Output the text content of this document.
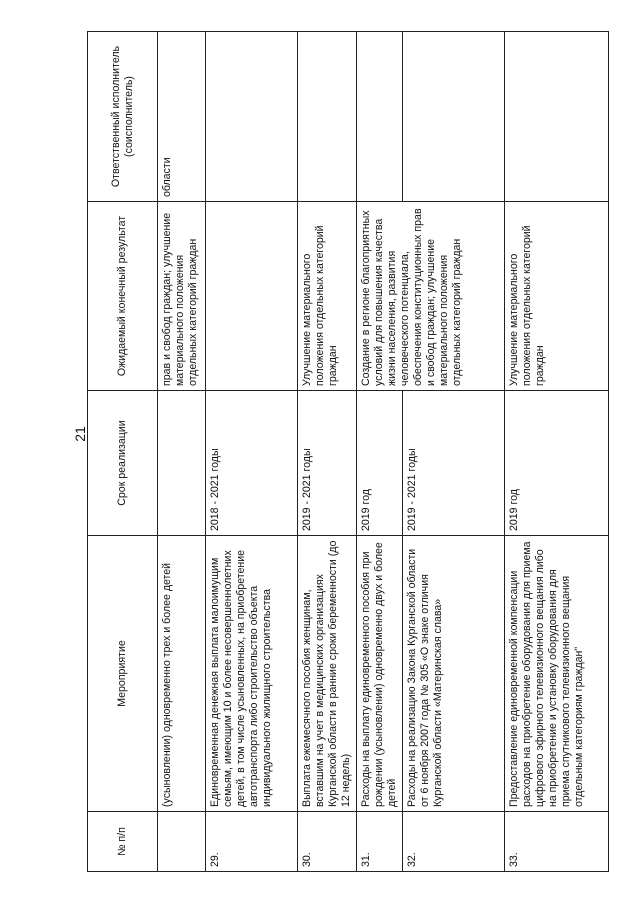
21
№ п/п	Мероприятие	Срок реализации	Ожидаемый конечный результат	Ответственный исполнитель (соисполнитель)
	(усыновлении) одновременно трех и более детей		прав и свобод граждан; улучшение материального положения отдельных категорий граждан	области
29.	Единовременная денежная выплата малоимущим семьям, имеющим 10 и более несовершеннолетних детей, в том числе усыновленных, на приобретение автотранспорта либо строительство объекта индивидуального жилищного строительства	2018 - 2021 годы		
30.	Выплата ежемесячного пособия женщинам, вставшим на учет в медицинских организациях Курганской области в ранние сроки беременности (до 12 недель)	2019 - 2021 годы	Улучшение материального положения отдельных категорий граждан	
31.	Расходы на выплату единовременного пособия при рождении (усыновлении) одновременно двух и более детей	2019 год	Создание в регионе благоприятных условий для повышения качества жизни населения, развития человеческого потенциала, обеспечения конституционных прав и свобод граждан; улучшение материального положения отдельных категорий граждан	
32.	Расходы на реализацию Закона Курганской области от 6 ноября 2007 года № 305 «О знаке отличия Курганской области «Материнская слава»	2019 - 2021 годы		
33.	Предоставление единовременной компенсации расходов на приобретение оборудования для приема цифрового эфирного телевизионного вещания либо на приобретение и установку оборудования для приема спутникового телевизионного вещания отдельным категориям граждан"	2019 год	Улучшение материального положения отдельных категорий граждан	
